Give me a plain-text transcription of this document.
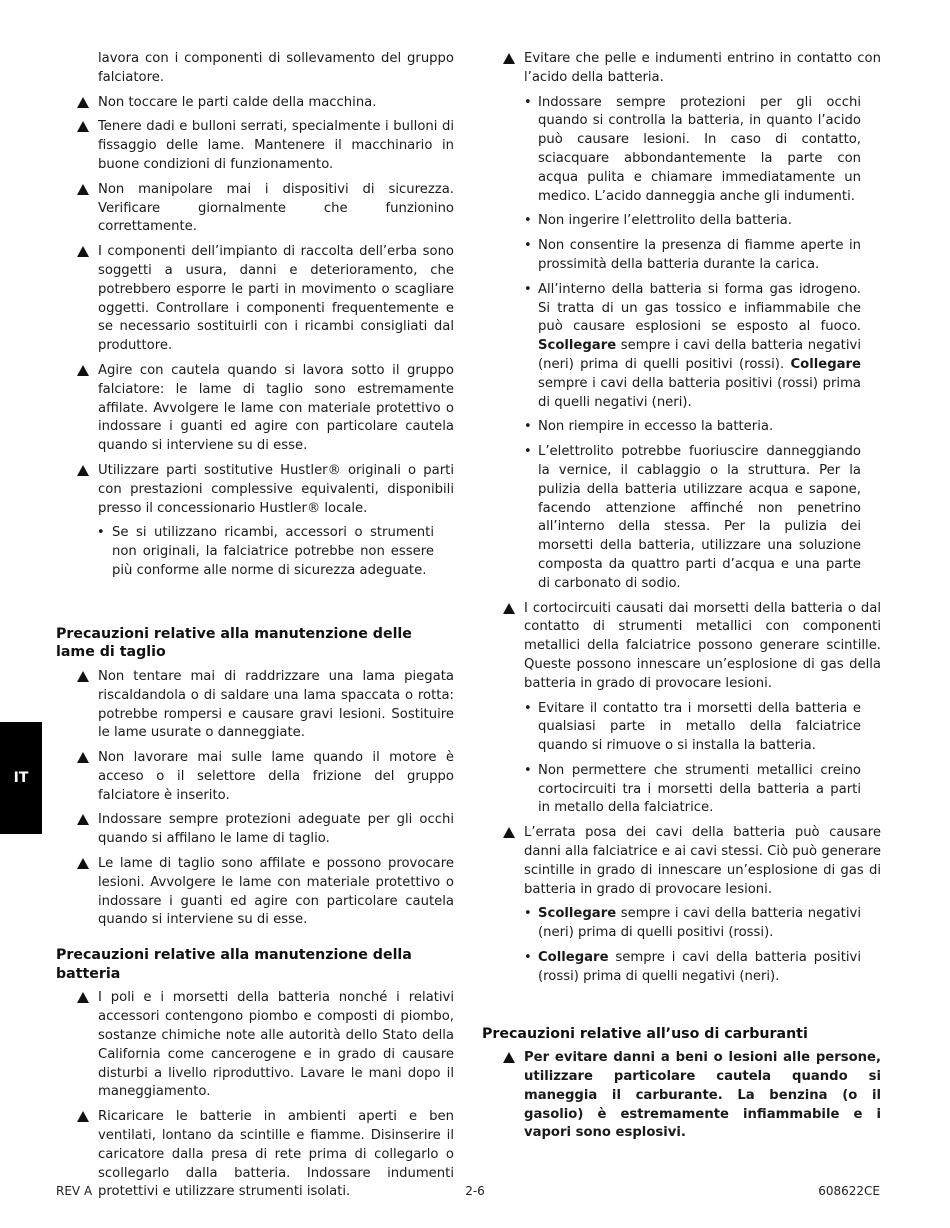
IT
lavora con i componenti di sollevamento del gruppo falciatore.
Non toccare le parti calde della macchina.
Tenere dadi e bulloni serrati, specialmente i bulloni di fissaggio delle lame. Mantenere il macchinario in buone condizioni di funzionamento.
Non manipolare mai i dispositivi di sicurezza. Verificare giornalmente che funzionino correttamente.
I componenti dell’impianto di raccolta dell’erba sono soggetti a usura, danni e deterioramento, che potrebbero esporre le parti in movimento o scagliare oggetti. Controllare i componenti frequentemente e se necessario sostituirli con i ricambi consigliati dal produttore.
Agire con cautela quando si lavora sotto il gruppo falciatore: le lame di taglio sono estremamente affilate. Avvolgere le lame con materiale protettivo o indossare i guanti ed agire con particolare cautela quando si interviene su di esse.
Utilizzare parti sostitutive Hustler® originali o parti con prestazioni complessive equivalenti, disponibili presso il concessionario Hustler® locale.
• Se si utilizzano ricambi, accessori o strumenti non originali, la falciatrice potrebbe non essere più conforme alle norme di sicurezza adeguate.
Precauzioni relative alla manutenzione delle lame di taglio
Non tentare mai di raddrizzare una lama piegata riscaldandola o di saldare una lama spaccata o rotta: potrebbe rompersi e causare gravi lesioni. Sostituire le lame usurate o danneggiate.
Non lavorare mai sulle lame quando il motore è acceso o il selettore della frizione del gruppo falciatore è inserito.
Indossare sempre protezioni adeguate per gli occhi quando si affilano le lame di taglio.
Le lame di taglio sono affilate e possono provocare lesioni. Avvolgere le lame con materiale protettivo o indossare i guanti ed agire con particolare cautela quando si interviene su di esse.
Precauzioni relative alla manutenzione della batteria
I poli e i morsetti della batteria nonché i relativi accessori contengono piombo e composti di piombo, sostanze chimiche note alle autorità dello Stato della California come cancerogene e in grado di causare disturbi a livello riproduttivo. Lavare le mani dopo il maneggiamento.
Ricaricare le batterie in ambienti aperti e ben ventilati, lontano da scintille e fiamme. Disinserire il caricatore dalla presa di rete prima di collegarlo o scollegarlo dalla batteria. Indossare indumenti protettivi e utilizzare strumenti isolati.
Evitare che pelle e indumenti entrino in contatto con l’acido della batteria.
• Indossare sempre protezioni per gli occhi quando si controlla la batteria, in quanto l’acido può causare lesioni. In caso di contatto, sciacquare abbondantemente la parte con acqua pulita e chiamare immediatamente un medico. L’acido danneggia anche gli indumenti.
• Non ingerire l’elettrolito della batteria.
• Non consentire la presenza di fiamme aperte in prossimità della batteria durante la carica.
• All’interno della batteria si forma gas idrogeno. Si tratta di un gas tossico e infiammabile che può causare esplosioni se esposto al fuoco. Scollegare sempre i cavi della batteria negativi (neri) prima di quelli positivi (rossi). Collegare sempre i cavi della batteria positivi (rossi) prima di quelli negativi (neri).
• Non riempire in eccesso la batteria.
• L’elettrolito potrebbe fuoriuscire danneggiando la vernice, il cablaggio o la struttura. Per la pulizia della batteria utilizzare acqua e sapone, facendo attenzione affinché non penetrino all’interno della stessa. Per la pulizia dei morsetti della batteria, utilizzare una soluzione composta da quattro parti d’acqua e una parte di carbonato di sodio.
I cortocircuiti causati dai morsetti della batteria o dal contatto di strumenti metallici con componenti metallici della falciatrice possono generare scintille. Queste possono innescare un’esplosione di gas della batteria in grado di provocare lesioni.
• Evitare il contatto tra i morsetti della batteria e qualsiasi parte in metallo della falciatrice quando si rimuove o si installa la batteria.
• Non permettere che strumenti metallici creino cortocircuiti tra i morsetti della batteria a parti in metallo della falciatrice.
L’errata posa dei cavi della batteria può causare danni alla falciatrice e ai cavi stessi. Ciò può generare scintille in grado di innescare un’esplosione di gas di batteria in grado di provocare lesioni.
• Scollegare sempre i cavi della batteria negativi (neri) prima di quelli positivi (rossi).
• Collegare sempre i cavi della batteria positivi (rossi) prima di quelli negativi (neri).
Precauzioni relative all’uso di carburanti
Per evitare danni a beni o lesioni alle persone, utilizzare particolare cautela quando si maneggia il carburante. La benzina (o il gasolio) è estremamente infiammabile e i vapori sono esplosivi.
REV A	2-6	608622CE
